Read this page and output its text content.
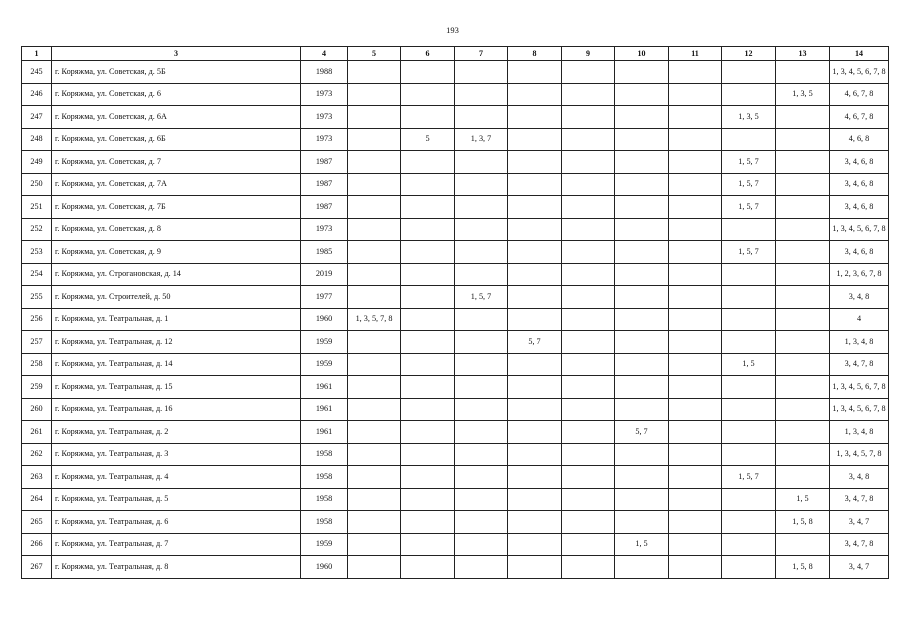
193
1	3	4	5	6	7	8	9	10	11	12	13	14
245	г. Коряжма, ул. Советская, д. 5Б	1988										1, 3, 4, 5, 6, 7, 8
246	г. Коряжма, ул. Советская, д. 6	1973									1, 3, 5	4, 6, 7, 8
247	г. Коряжма, ул. Советская, д. 6А	1973								1, 3, 5		4, 6, 7, 8
248	г. Коряжма, ул. Советская, д. 6Б	1973		5	1, 3, 7							4, 6, 8
249	г. Коряжма, ул. Советская, д. 7	1987								1, 5, 7		3, 4, 6, 8
250	г. Коряжма, ул. Советская, д. 7А	1987								1, 5, 7		3, 4, 6, 8
251	г. Коряжма, ул. Советская, д. 7Б	1987								1, 5, 7		3, 4, 6, 8
252	г. Коряжма, ул. Советская, д. 8	1973										1, 3, 4, 5, 6, 7, 8
253	г. Коряжма, ул. Советская, д. 9	1985								1, 5, 7		3, 4, 6, 8
254	г. Коряжма, ул. Строгановская, д. 14	2019										1, 2, 3, 6, 7, 8
255	г. Коряжма, ул. Строителей, д. 50	1977			1, 5, 7							3, 4, 8
256	г. Коряжма, ул. Театральная, д. 1	1960	1, 3, 5, 7, 8									4
257	г. Коряжма, ул. Театральная, д. 12	1959				5, 7						1, 3, 4, 8
258	г. Коряжма, ул. Театральная, д. 14	1959								1, 5		3, 4, 7, 8
259	г. Коряжма, ул. Театральная, д. 15	1961										1, 3, 4, 5, 6, 7, 8
260	г. Коряжма, ул. Театральная, д. 16	1961										1, 3, 4, 5, 6, 7, 8
261	г. Коряжма, ул. Театральная, д. 2	1961						5, 7				1, 3, 4, 8
262	г. Коряжма, ул. Театральная, д. 3	1958										1, 3, 4, 5, 7, 8
263	г. Коряжма, ул. Театральная, д. 4	1958								1, 5, 7		3, 4, 8
264	г. Коряжма, ул. Театральная, д. 5	1958									1, 5	3, 4, 7, 8
265	г. Коряжма, ул. Театральная, д. 6	1958									1, 5, 8	3, 4, 7
266	г. Коряжма, ул. Театральная, д. 7	1959						1, 5				3, 4, 7, 8
267	г. Коряжма, ул. Театральная, д. 8	1960									1, 5, 8	3, 4, 7
